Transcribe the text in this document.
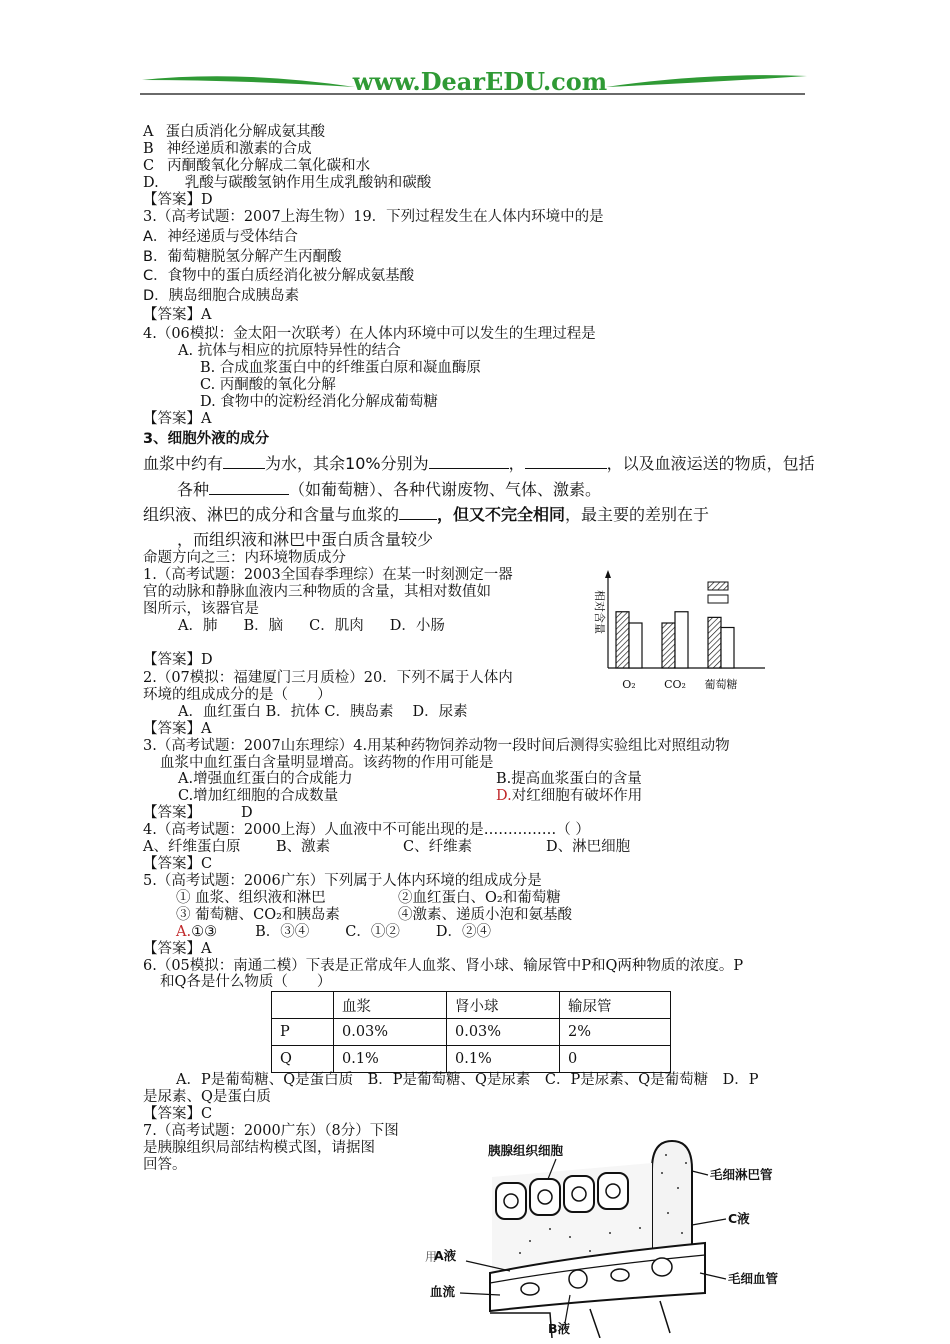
www.DearEDU.com
A 蛋白质消化分解成氨其酸
B 神经递质和激素的合成
C 丙酮酸氧化分解成二氧化碳和水
D. 乳酸与碳酸氢钠作用生成乳酸钠和碳酸
【答案】D
3.（高考试题：2007上海生物）19．下列过程发生在人体内环境中的是
A．神经递质与受体结合
B．葡萄糖脱氢分解产生丙酮酸
C．食物中的蛋白质经消化被分解成氨基酸
D．胰岛细胞合成胰岛素
【答案】A
4.（06模拟：金太阳一次联考）在人体内环境中可以发生的生理过程是
A. 抗体与相应的抗原特异性的结合
B. 合成血浆蛋白中的纤维蛋白原和凝血酶原
C. 丙酮酸的氧化分解
D. 食物中的淀粉经消化分解成葡萄糖
【答案】A
3、细胞外液的成分
血浆中约有	为水，其余10%分别为	，	，以及血液运送的物质，包括
各种	（如葡萄糖）、各种代谢废物、气体、激素。
组织液、淋巴的成分和含量与血浆的 ，但又不完全相同，最主要的差别在于
，而组织液和淋巴中蛋白质含量较少
命题方向之三：内环境物质成分
1.（高考试题：2003全国春季理综）在某一时刻测定一器
官的动脉和静脉血液内三种物质的含量，其相对数值如
图所示，该器官是
A．肺 B．脑 C．肌肉 D．小肠
【答案】D
相对含量
O₂	CO₂ 葡萄糖
2.（07模拟：福建厦门三月质检）20．下列不属于人体内
环境的组成成分的是（　　）
A．血红蛋白 B．抗体 C．胰岛素　 D．尿素
【答案】A
3.（高考试题：2007山东理综）4.用某种药物饲养动物一段时间后测得实验组比对照组动物
血浆中血红蛋白含量明显增高。该药物的作用可能是
A.增强血红蛋白的合成能力	B.提高血浆蛋白的含量
C.增加红细胞的合成数量	D.对红细胞有破坏作用
【答案】	D
4.（高考试题：2000上海）人血液中不可能出现的是……………（ ）
A、纤维蛋白原 B、激素	C、纤维素	D、淋巴细胞
【答案】C
5.（高考试题：2006广东）下列属于人体内环境的组成成分是
① 血浆、组织液和淋巴	②血红蛋白、O₂和葡萄糖
③ 葡萄糖、CO₂和胰岛素	④激素、递质小泡和氨基酸
A.①③	B．③④ C．①② D．②④
【答案】A
6.（05模拟：南通二模）下表是正常成年人血浆、肾小球、输尿管中P和Q两种物质的浓度。P
和Q各是什么物质（　　）
	血浆	肾小球	输尿管
P	0.03%	0.03%	2%
Q	0.1%	0.1%	0
A．P是葡萄糖、Q是蛋白质　B．P是葡萄糖、Q是尿素　C．P是尿素、Q是葡萄糖　D．P
是尿素、Q是蛋白质
【答案】C
7.（高考试题：2000广东）（8分）下图
是胰腺组织局部结构模式图，请据图
回答。
用
胰腺组织细胞
毛细淋巴管
C液
A液
毛细血管
血流
B液
